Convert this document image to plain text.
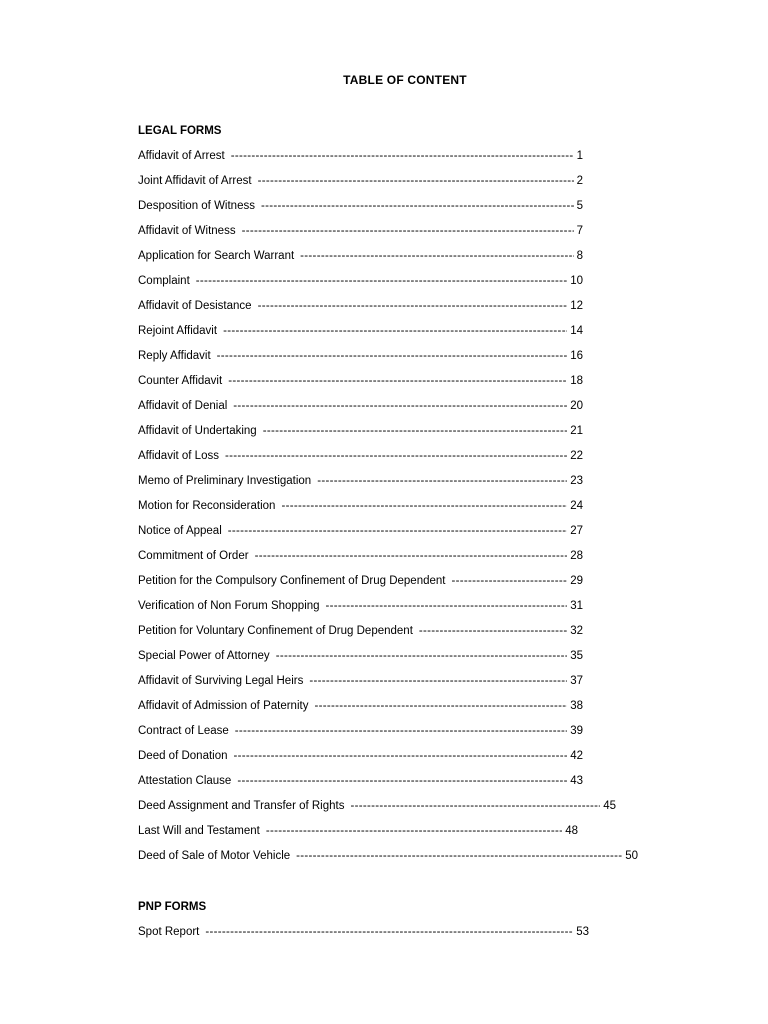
TABLE OF CONTENT
LEGAL FORMS
Affidavit of Arrest -----	1
Joint Affidavit of Arrest -----	2
Desposition of Witness -----	5
Affidavit of Witness -----	7
Application for Search Warrant -----	8
Complaint -----	10
Affidavit of Desistance -----	12
Rejoint Affidavit -----	14
Reply Affidavit -----	16
Counter Affidavit -----	18
Affidavit of Denial -----	20
Affidavit of Undertaking -----	21
Affidavit of Loss -----	22
Memo of Preliminary Investigation -----	23
Motion for Reconsideration -----	24
Notice of Appeal -----	27
Commitment of Order -----	28
Petition for the Compulsory Confinement of Drug Dependent -----	29
Verification of Non Forum Shopping -----	31
Petition for Voluntary Confinement of Drug Dependent -----	32
Special Power of Attorney -----	35
Affidavit of Surviving Legal Heirs -----	37
Affidavit of Admission of Paternity -----	38
Contract of Lease -----	39
Deed of Donation -----	42
Attestation Clause -----	43
Deed Assignment and Transfer of Rights -----	45
Last Will and Testament -----	48
Deed of Sale of Motor Vehicle -----	50
PNP FORMS
Spot Report -----	53
